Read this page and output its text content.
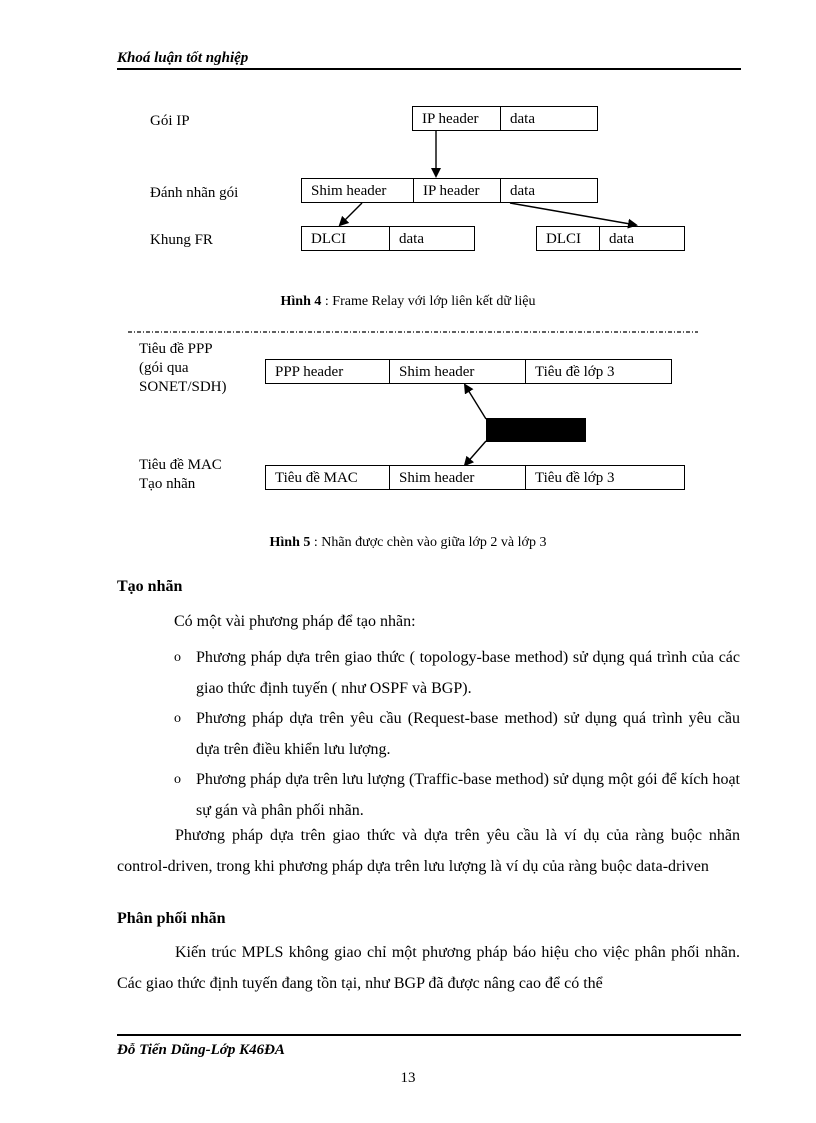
Khoá luận tốt nghiệp
Gói IP
Đánh nhãn gói
Khung FR
IP header	data
Shim header	IP header	data
DLCI	data	DLCI	data
Hình 4 : Frame Relay với lớp liên kết dữ liệu
Tiêu đề PPP
(gói qua
SONET/SDH)
Tiêu đề MAC
Tạo nhãn
PPP header	Shim header	Tiêu đề lớp 3
Tiêu đề MAC	Shim header	Tiêu đề lớp 3
Hình 5 : Nhãn được chèn vào giữa lớp 2 và lớp 3
Tạo nhãn
Có một vài phương pháp để tạo nhãn:
o Phương pháp dựa trên giao thức ( topology-base method) sử dụng quá trình của các giao thức định tuyến ( như OSPF và BGP).
o Phương pháp dựa trên yêu cầu (Request-base method) sử dụng quá trình yêu cầu dựa trên điều khiển lưu lượng.
o Phương pháp dựa trên lưu lượng (Traffic-base method) sử dụng một gói để kích hoạt sự gán và phân phối nhãn.
Phương pháp dựa trên giao thức và dựa trên yêu cầu là ví dụ của ràng buộc nhãn control-driven, trong khi phương pháp dựa trên lưu lượng là ví dụ của ràng buộc data-driven
Phân phối nhãn
Kiến trúc MPLS không giao chỉ một phương pháp báo hiệu cho việc phân phối nhãn. Các giao thức định tuyến đang tồn tại, như BGP đã được nâng cao để có thể
Đỗ Tiến Dũng-Lớp K46ĐA
13
